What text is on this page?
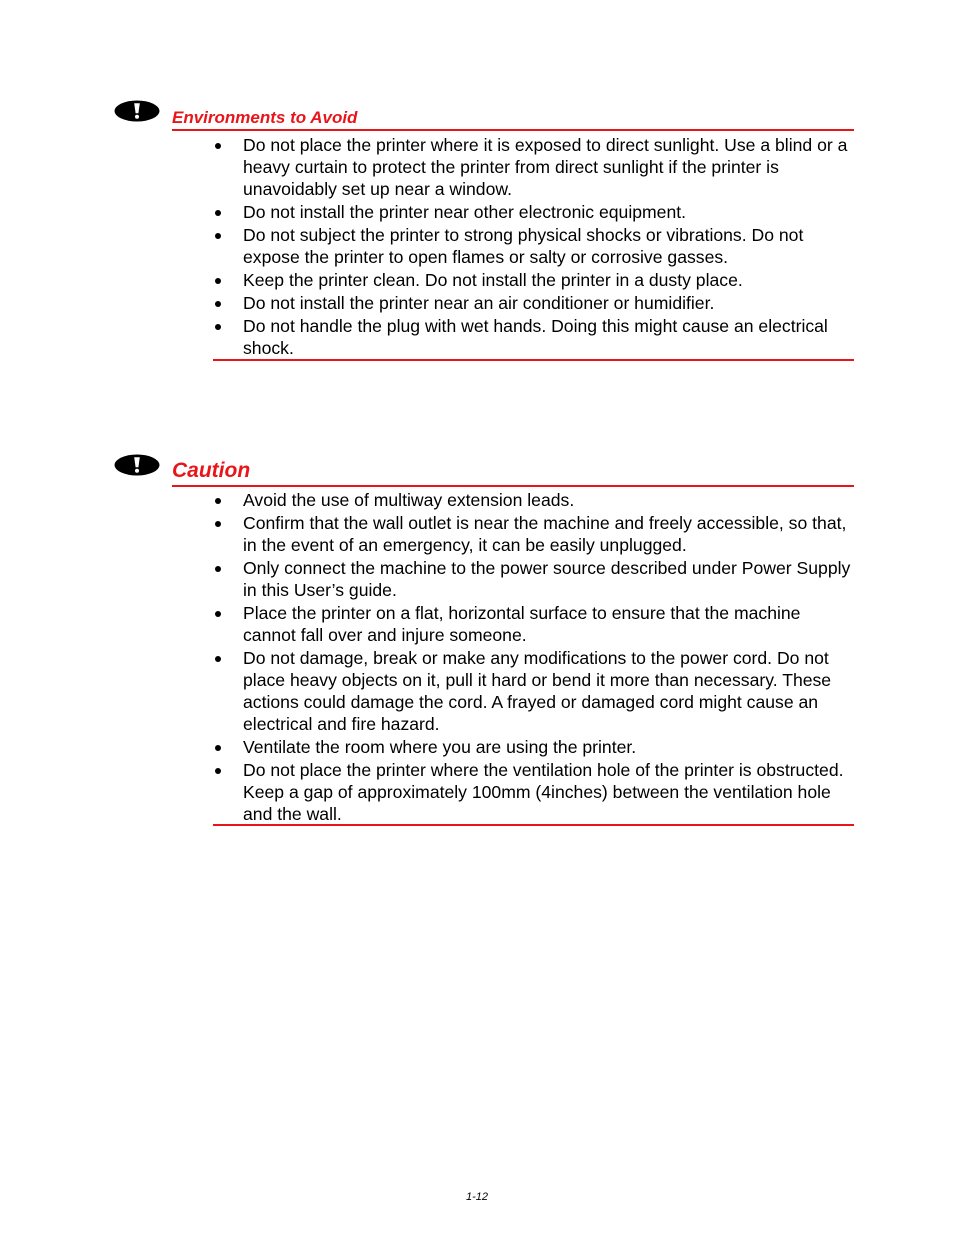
Environments to Avoid
Do not place the printer where it is exposed to direct sunlight. Use a blind or a heavy curtain to protect the printer from direct sunlight if the printer is unavoidably set up near a window.
Do not install the printer near other electronic equipment.
Do not subject the printer to strong physical shocks or vibrations. Do not expose the printer to open flames or salty or corrosive gasses.
Keep the printer clean. Do not install the printer in a dusty place.
Do not install the printer near an air conditioner or humidifier.
Do not handle the plug with wet hands. Doing this might cause an electrical shock.
Caution
Avoid the use of multiway extension leads.
Confirm that the wall outlet is near the machine and freely accessible, so that, in the event of an emergency, it can be easily unplugged.
Only connect the machine to the power source described under Power Supply in this User’s guide.
Place the printer on a flat, horizontal surface to ensure that the machine cannot fall over and injure someone.
Do not damage, break or make any modifications to the power cord. Do not place heavy objects on it, pull it hard or bend it more than necessary. These actions could damage the cord. A frayed or damaged cord might cause an electrical and fire hazard.
Ventilate the room where you are using the printer.
Do not place the printer where the ventilation hole of the printer is obstructed. Keep a gap of approximately 100mm (4inches) between the ventilation hole and the wall.
1-12
